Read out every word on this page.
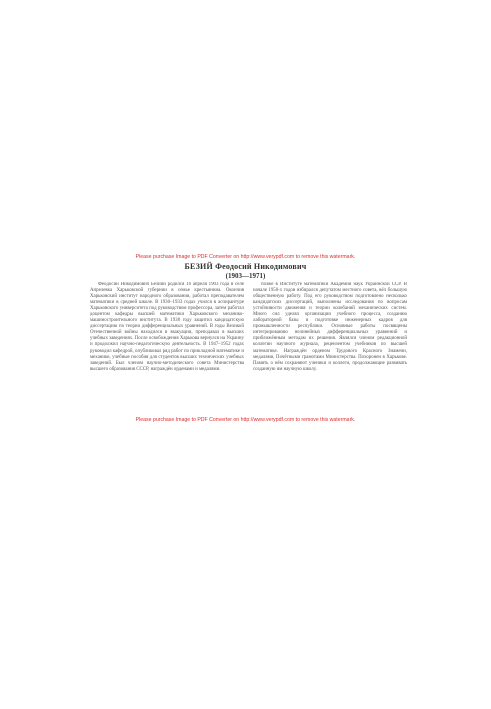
Please purchase Image to PDF Converter on http://www.verypdf.com to remove this watermark.
БЕЗИЙ Феодосий Никодимович
(1903—1971)

Феодосий Никодимович Безиий родился 16 апреля 1903 года в селе Апрелевка Харьковской губернии в семье крестьянина. Окончив Харьковский институт народного образования, работал преподавателем математики в средней школе. В 1930–1933 годах учился в аспирантуре Харьковского университета под руководством профессора, затем работал доцентом кафедры высшей математики Харьковского механико-машиностроительного института. В 1938 году защитил кандидатскую диссертацию по теории дифференциальных уравнений. В годы Великой Отечественной войны находился в эвакуации, преподавал в высших учебных заведениях. После освобождения Харькова вернулся на Украину и продолжил научно-педагогическую деятельность. В 1947–1952 годах руководил кафедрой, опубликовал ряд работ по прикладной математике и механике, учебные пособия для студентов высших технических учебных заведений. Был членом научно-методического совета Министерства высшего образования СССР, награждён орденами и медалями.

позже в Институте математики Академии наук Украинской ССР. В начале 1950-х годов избирался депутатом местного совета, вёл большую общественную работу. Под его руководством подготовлено несколько кандидатских диссертаций, выполнены исследования по вопросам устойчивости движения и теории колебаний механических систем. Много сил уделял организации учебного процесса, созданию лабораторной базы и подготовке инженерных кадров для промышленности республики. Основные работы посвящены интегрированию нелинейных дифференциальных уравнений и приближённым методам их решения. Являлся членом редакционной коллегии научного журнала, рецензентом учебников по высшей математике. Награждён орденом Трудового Красного Знамени, медалями, Почётными грамотами Министерства. Похоронен в Харькове. Память о нём сохраняют ученики и коллеги, продолжающие развивать созданную им научную школу.

Please purchase Image to PDF Converter on http://www.verypdf.com to remove this watermark.
